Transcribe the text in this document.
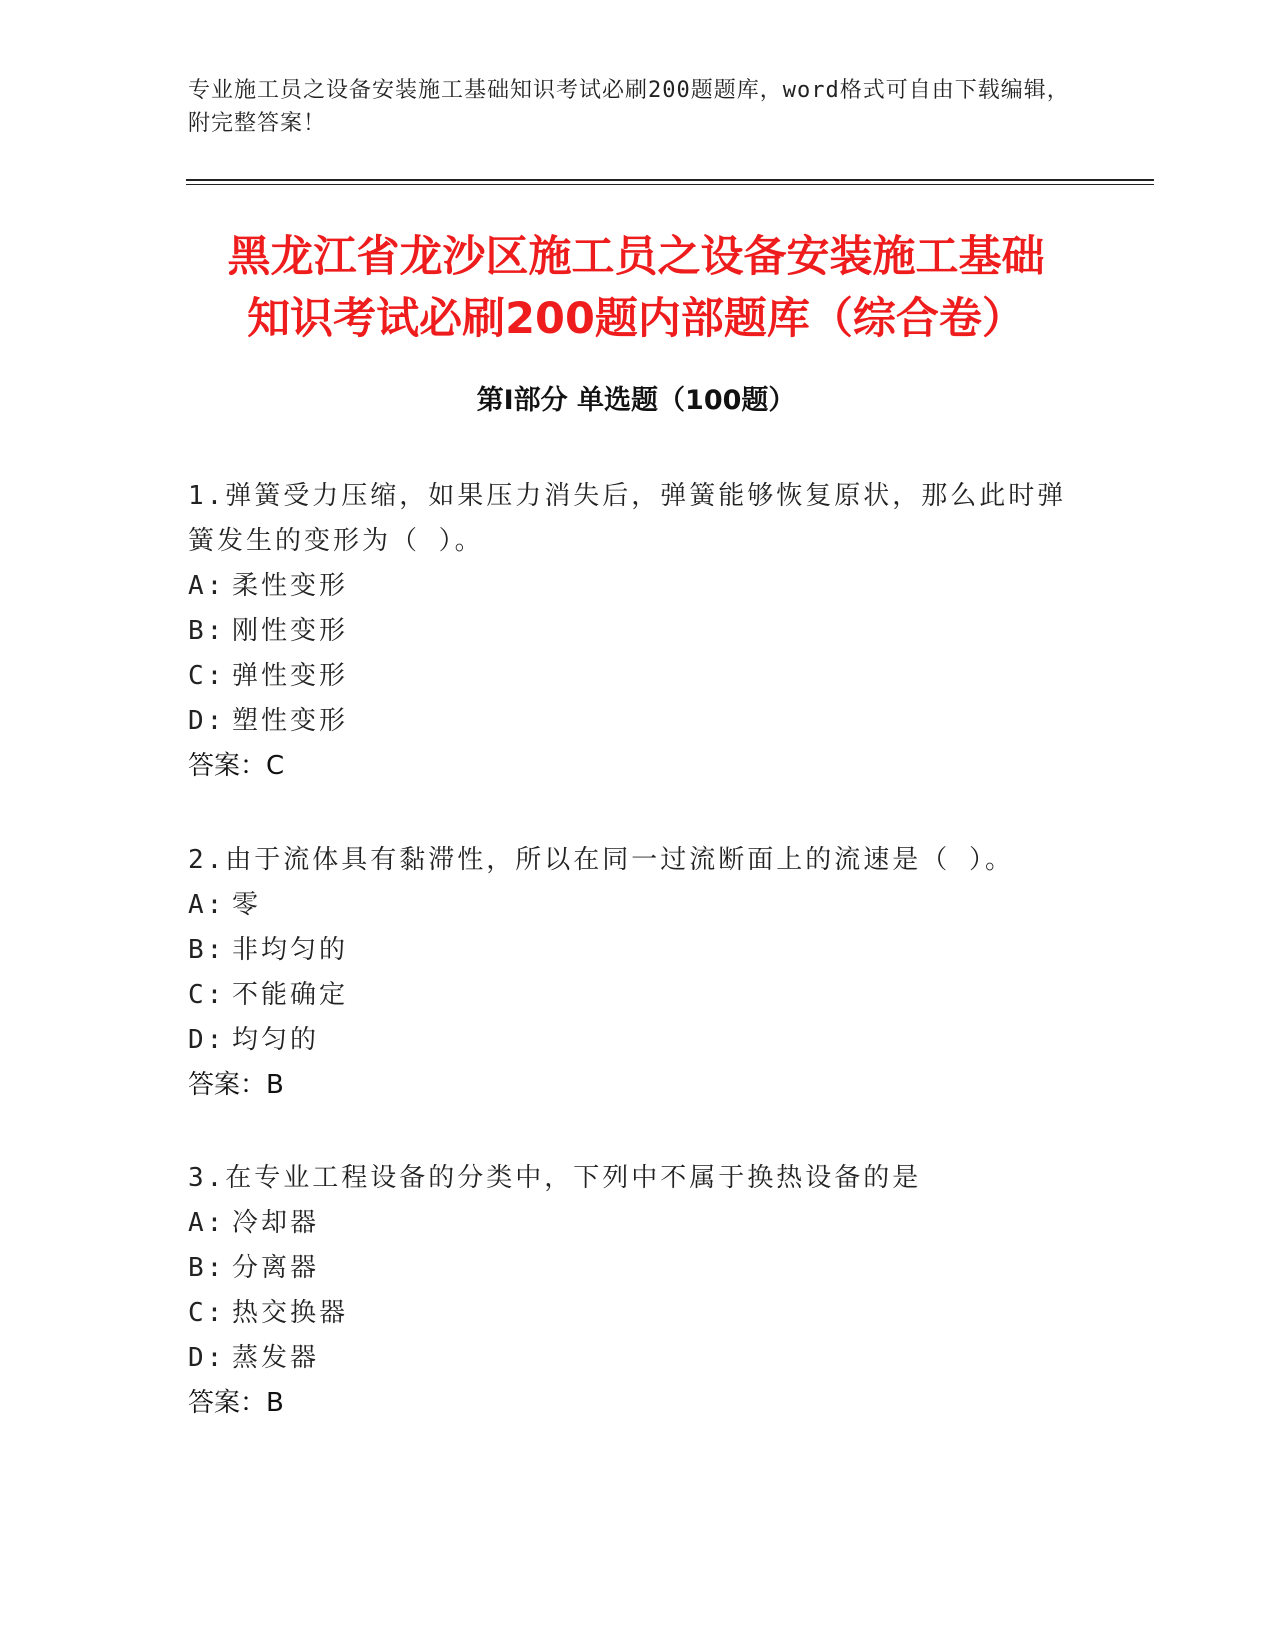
专业施工员之设备安装施工基础知识考试必刷200题题库，word格式可自由下载编辑，附完整答案！
黑龙江省龙沙区施工员之设备安装施工基础
知识考试必刷200题内部题库（综合卷）
第Ⅰ部分 单选题（100题）

1.弹簧受力压缩，如果压力消失后，弹簧能够恢复原状，那么此时弹簧发生的变形为（ ）。

A: 柔性变形
B: 刚性变形
C: 弹性变形
D: 塑性变形
答案：C

2.由于流体具有黏滞性，所以在同一过流断面上的流速是（ ）。

A: 零
B: 非均匀的
C: 不能确定
D: 均匀的
答案：B

3.在专业工程设备的分类中，下列中不属于换热设备的是

A: 冷却器
B: 分离器
C: 热交换器
D: 蒸发器
答案：B
